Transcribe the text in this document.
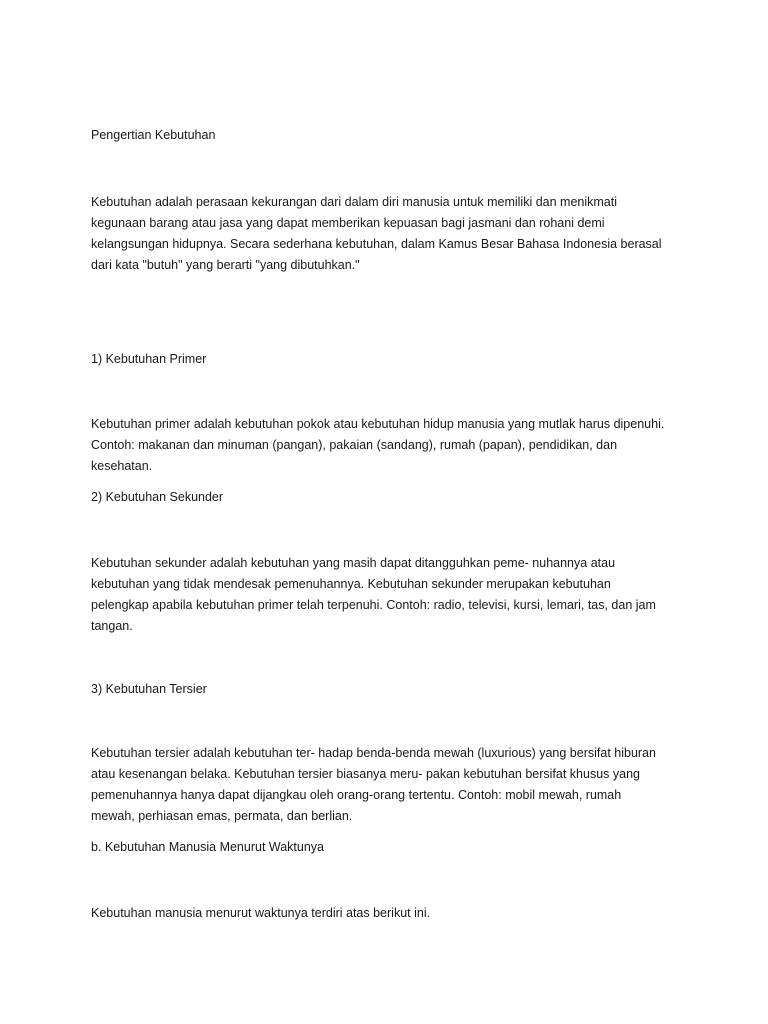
Pengertian Kebutuhan

Kebutuhan adalah perasaan kekurangan dari dalam diri manusia untuk memiliki dan menikmati
kegunaan barang atau jasa yang dapat memberikan kepuasan bagi jasmani dan rohani demi
kelangsungan hidupnya. Secara sederhana kebutuhan, dalam Kamus Besar Bahasa Indonesia berasal
dari kata "butuh" yang berarti "yang dibutuhkan."

1) Kebutuhan Primer

Kebutuhan primer adalah kebutuhan pokok atau kebutuhan hidup manusia yang mutlak harus dipenuhi.
Contoh: makanan dan minuman (pangan), pakaian (sandang), rumah (papan), pendidikan, dan
kesehatan.

2) Kebutuhan Sekunder

Kebutuhan sekunder adalah kebutuhan yang masih dapat ditangguhkan peme- nuhannya atau
kebutuhan yang tidak mendesak pemenuhannya. Kebutuhan sekunder merupakan kebutuhan
pelengkap apabila kebutuhan primer telah terpenuhi. Contoh: radio, televisi, kursi, lemari, tas, dan jam
tangan.

3) Kebutuhan Tersier

Kebutuhan tersier adalah kebutuhan ter- hadap benda-benda mewah (luxurious) yang bersifat hiburan
atau kesenangan belaka. Kebutuhan tersier biasanya meru- pakan kebutuhan bersifat khusus yang
pemenuhannya hanya dapat dijangkau oleh orang-orang tertentu. Contoh: mobil mewah, rumah
mewah, perhiasan emas, permata, dan berlian.

b. Kebutuhan Manusia Menurut Waktunya

Kebutuhan manusia menurut waktunya terdiri atas berikut ini.
